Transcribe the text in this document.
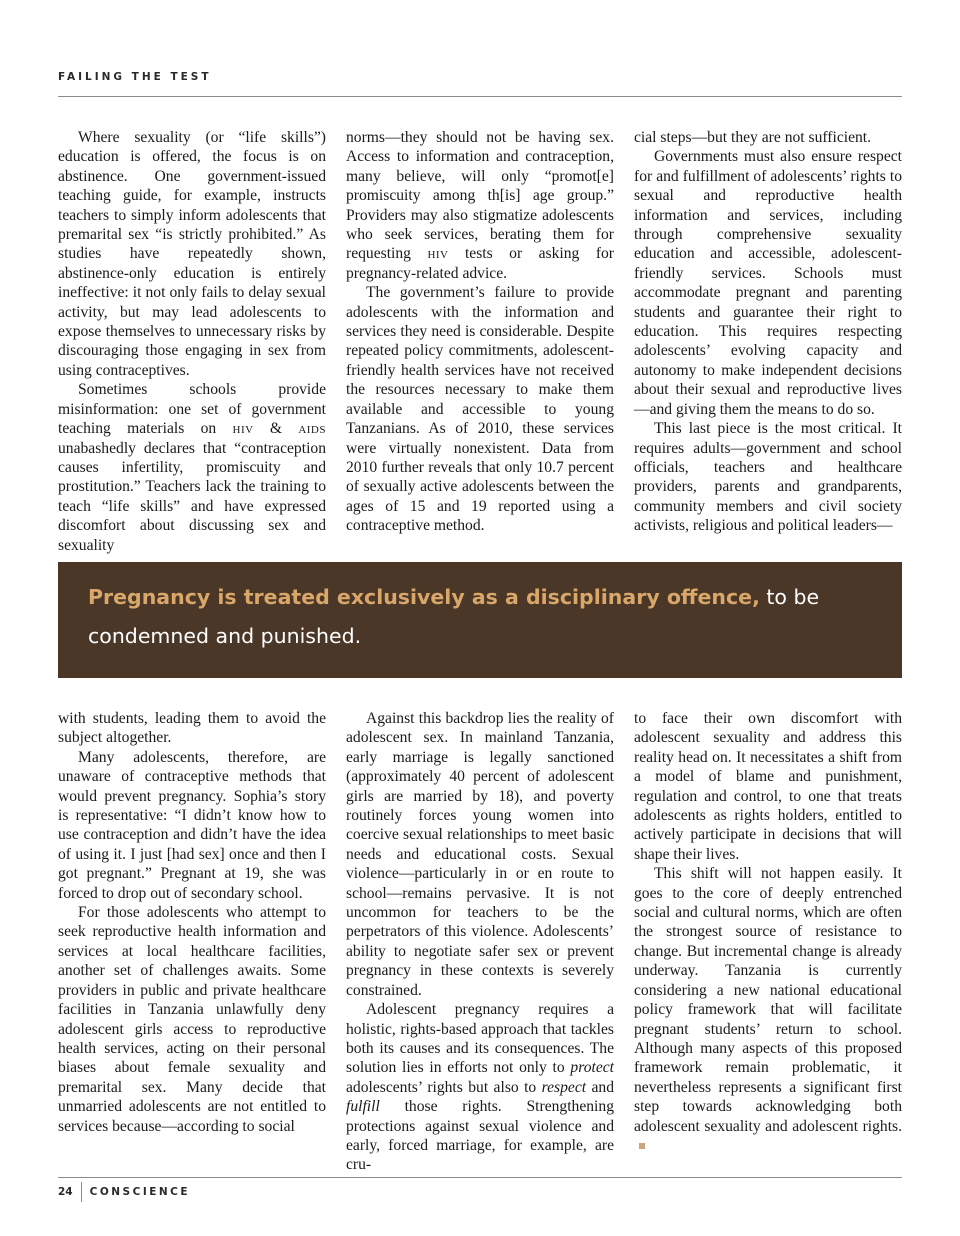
FAILING THE TEST

Where sexuality (or “life skills”) education is offered, the focus is on abstinence. One government-issued teaching guide, for example, instructs teachers to simply inform adolescents that premarital sex “is strictly prohibited.” As studies have repeatedly shown, abstinence-only education is entirely ineffective: it not only fails to delay sexual activity, but may lead adolescents to expose themselves to unnecessary risks by discouraging those engaging in sex from using contraceptives.

Sometimes schools provide misinformation: one set of government teaching materials on hiv & aids unabashedly declares that “contraception causes infertility, promiscuity and prostitution.” Teachers lack the training to teach “life skills” and have expressed discomfort about discussing sex and sexuality

norms—they should not be having sex. Access to information and contraception, many believe, will only “promot[e] promiscuity among th[is] age group.” Providers may also stigmatize adolescents who seek services, berating them for requesting hiv tests or asking for pregnancy-related advice.

The government’s failure to provide adolescents with the information and services they need is considerable. Despite repeated policy commitments, adolescent-friendly health services have not received the resources necessary to make them available and accessible to young Tanzanians. As of 2010, these services were virtually nonexistent. Data from 2010 further reveals that only 10.7 percent of sexually active adolescents between the ages of 15 and 19 reported using a contraceptive method.

cial steps—but they are not sufficient.

Governments must also ensure respect for and fulfillment of adolescents’ rights to sexual and reproductive health information and services, including through comprehensive sexuality education and accessible, adolescent-friendly services. Schools must accommodate pregnant and parenting students and guarantee their right to education. This requires respecting adolescents’ evolving capacity and autonomy to make independent decisions about their sexual and reproductive lives—and giving them the means to do so.

This last piece is the most critical. It requires adults—government and school officials, teachers and healthcare providers, parents and grandparents, community members and civil society activists, religious and political leaders—

Pregnancy is treated exclusively as a disciplinary offence, to be condemned and punished.

with students, leading them to avoid the subject altogether.

Many adolescents, therefore, are unaware of contraceptive methods that would prevent pregnancy. Sophia’s story is representative: “I didn’t know how to use contraception and didn’t have the idea of using it. I just [had sex] once and then I got pregnant.” Pregnant at 19, she was forced to drop out of secondary school.

For those adolescents who attempt to seek reproductive health information and services at local healthcare facilities, another set of challenges awaits. Some providers in public and private healthcare facilities in Tanzania unlawfully deny adolescent girls access to reproductive health services, acting on their personal biases about female sexuality and premarital sex. Many decide that unmarried adolescents are not entitled to services because—according to social

Against this backdrop lies the reality of adolescent sex. In mainland Tanzania, early marriage is legally sanctioned (approximately 40 percent of adolescent girls are married by 18), and poverty routinely forces young women into coercive sexual relationships to meet basic needs and educational costs. Sexual violence—particularly in or en route to school—remains pervasive. It is not uncommon for teachers to be the perpetrators of this violence. Adolescents’ ability to negotiate safer sex or prevent pregnancy in these contexts is severely constrained.

Adolescent pregnancy requires a holistic, rights-based approach that tackles both its causes and its consequences. The solution lies in efforts not only to protect adolescents’ rights but also to respect and fulfill those rights. Strengthening protections against sexual violence and early, forced marriage, for example, are cru-

to face their own discomfort with adolescent sexuality and address this reality head on. It necessitates a shift from a model of blame and punishment, regulation and control, to one that treats adolescents as rights holders, entitled to actively participate in decisions that will shape their lives.

This shift will not happen easily. It goes to the core of deeply entrenched social and cultural norms, which are often the strongest source of resistance to change. But incremental change is already underway. Tanzania is currently considering a new national educational policy framework that will facilitate pregnant students’ return to school. Although many aspects of this proposed framework remain problematic, it nevertheless represents a significant first step towards acknowledging both adolescent sexuality and adolescent rights.

24	CONSCIENCE
